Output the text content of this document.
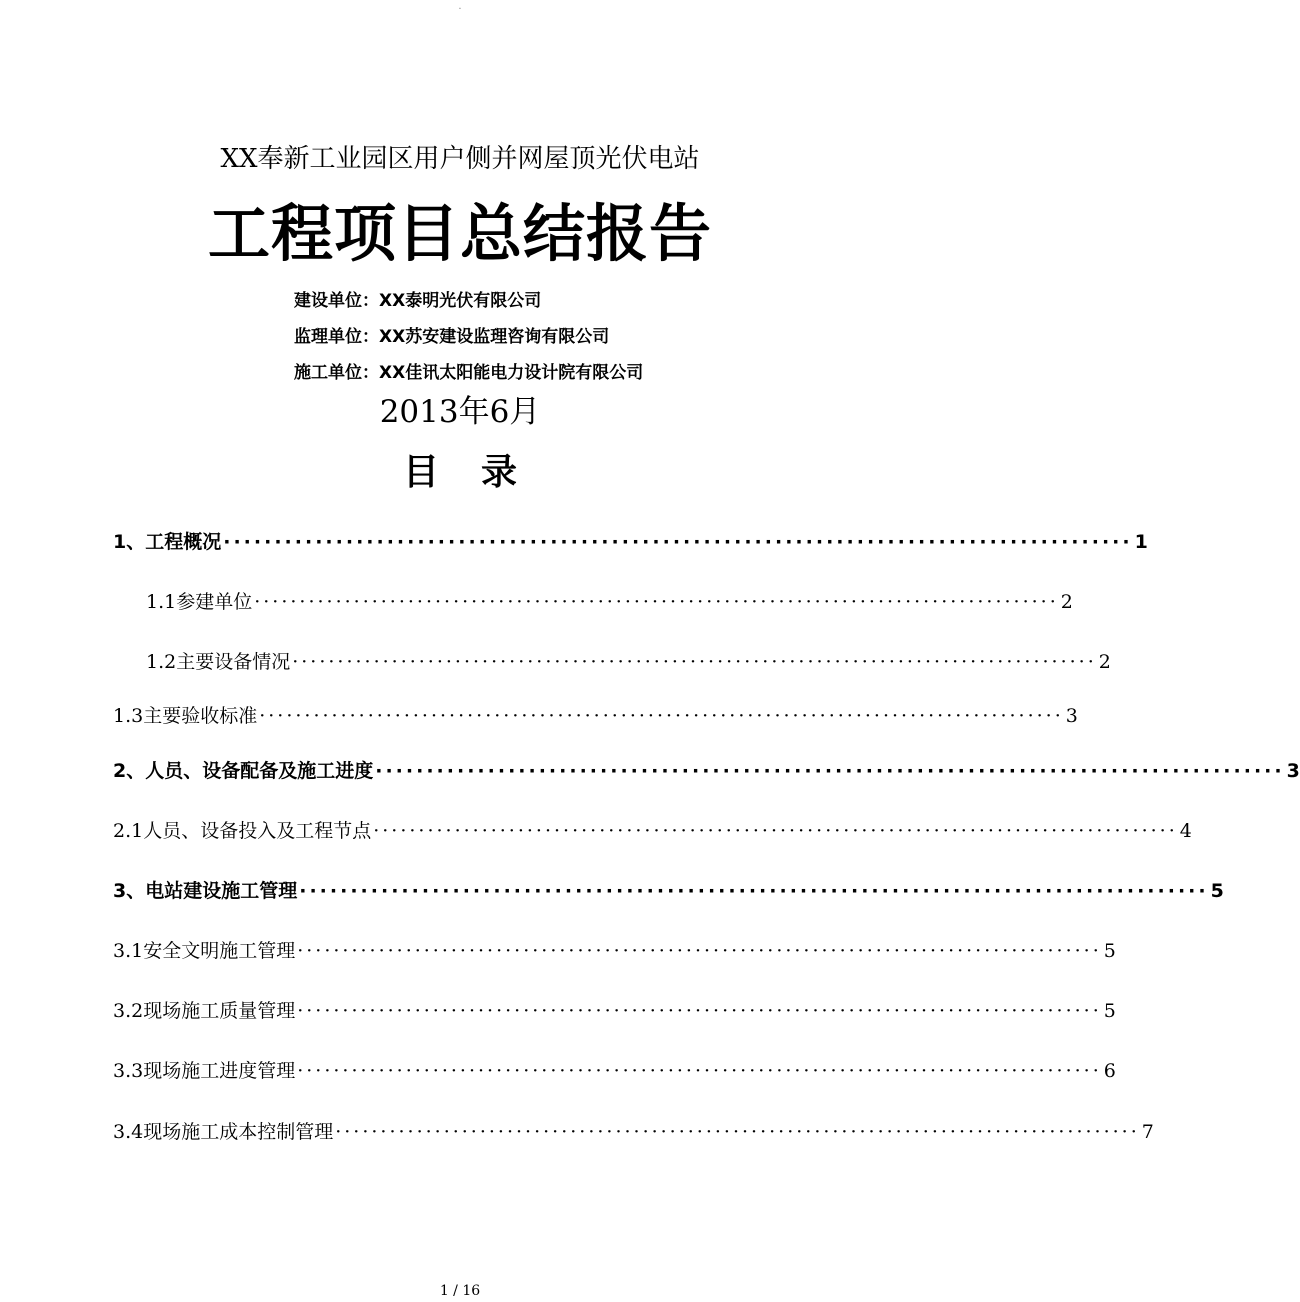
.
XX奉新工业园区用户侧并网屋顶光伏电站
工程项目总结报告
建设单位：XX泰明光伏有限公司
监理单位：XX苏安建设监理咨询有限公司
施工单位：XX佳讯太阳能电力设计院有限公司
2013年6月
目录
1、工程概况 ························································································· 1
1.1参建单位 ························································································· 2
1.2主要设备情况 ························································································· 2
1.3主要验收标准 ························································································· 3
2、人员、设备配备及施工进度 ························································································· 3
2.1人员、设备投入及工程节点 ························································································· 4
3、电站建设施工管理 ························································································· 5
3.1安全文明施工管理 ························································································· 5
3.2现场施工质量管理 ························································································· 5
3.3现场施工进度管理 ························································································· 6
3.4现场施工成本控制管理 ························································································· 7
1 / 16
